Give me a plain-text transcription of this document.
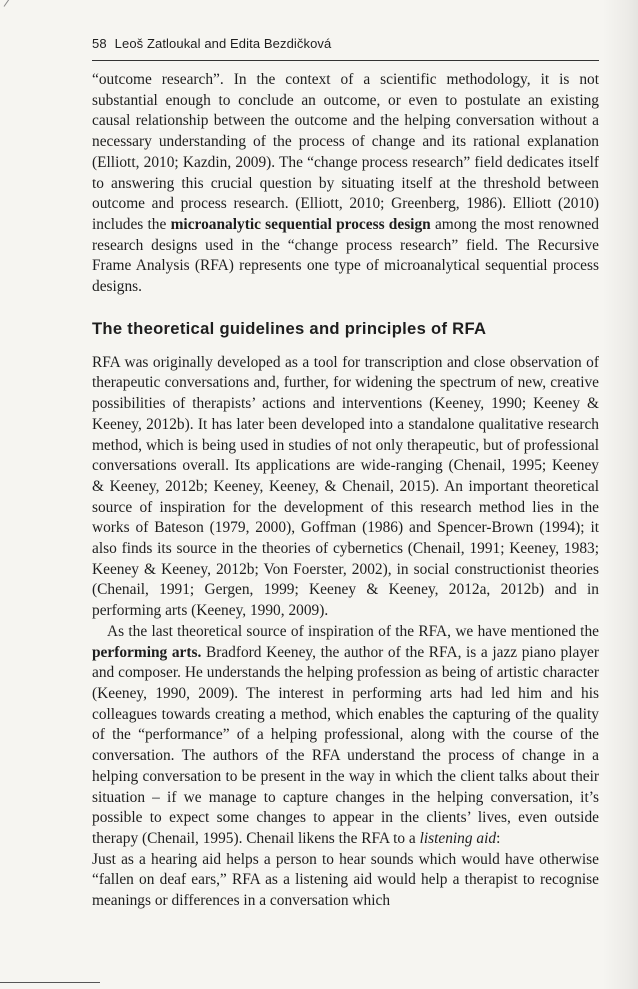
58 Leoš Zatloukal and Edita Bezdičková

“outcome research”. In the context of a scientific methodology, it is not substantial enough to conclude an outcome, or even to postulate an existing causal relationship between the outcome and the helping conversation without a necessary understanding of the process of change and its rational explanation (Elliott, 2010; Kazdin, 2009). The “change process research” field dedicates itself to answering this crucial question by situating itself at the threshold between outcome and process research. (Elliott, 2010; Greenberg, 1986). Elliott (2010) includes the microanalytic sequential process design among the most renowned research designs used in the “change process research” field. The Recursive Frame Analysis (RFA) represents one type of microanalytical sequential process designs.

The theoretical guidelines and principles of RFA

RFA was originally developed as a tool for transcription and close observation of therapeutic conversations and, further, for widening the spectrum of new, creative possibilities of therapists’ actions and interventions (Keeney, 1990; Keeney & Keeney, 2012b). It has later been developed into a standalone qualitative research method, which is being used in studies of not only therapeutic, but of professional conversations overall. Its applications are wide-ranging (Chenail, 1995; Keeney & Keeney, 2012b; Keeney, Keeney, & Chenail, 2015). An important theoretical source of inspiration for the development of this research method lies in the works of Bateson (1979, 2000), Goffman (1986) and Spencer-Brown (1994); it also finds its source in the theories of cybernetics (Chenail, 1991; Keeney, 1983; Keeney & Keeney, 2012b; Von Foerster, 2002), in social constructionist theories (Chenail, 1991; Gergen, 1999; Keeney & Keeney, 2012a, 2012b) and in performing arts (Keeney, 1990, 2009).

As the last theoretical source of inspiration of the RFA, we have mentioned the performing arts. Bradford Keeney, the author of the RFA, is a jazz piano player and composer. He understands the helping profession as being of artistic character (Keeney, 1990, 2009). The interest in performing arts had led him and his colleagues towards creating a method, which enables the capturing of the quality of the “performance” of a helping professional, along with the course of the conversation. The authors of the RFA understand the process of change in a helping conversation to be present in the way in which the client talks about their situation – if we manage to capture changes in the helping conversation, it’s possible to expect some changes to appear in the clients’ lives, even outside therapy (Chenail, 1995). Chenail likens the RFA to a listening aid:

Just as a hearing aid helps a person to hear sounds which would have otherwise “fallen on deaf ears,” RFA as a listening aid would help a therapist to recognise meanings or differences in a conversation which
